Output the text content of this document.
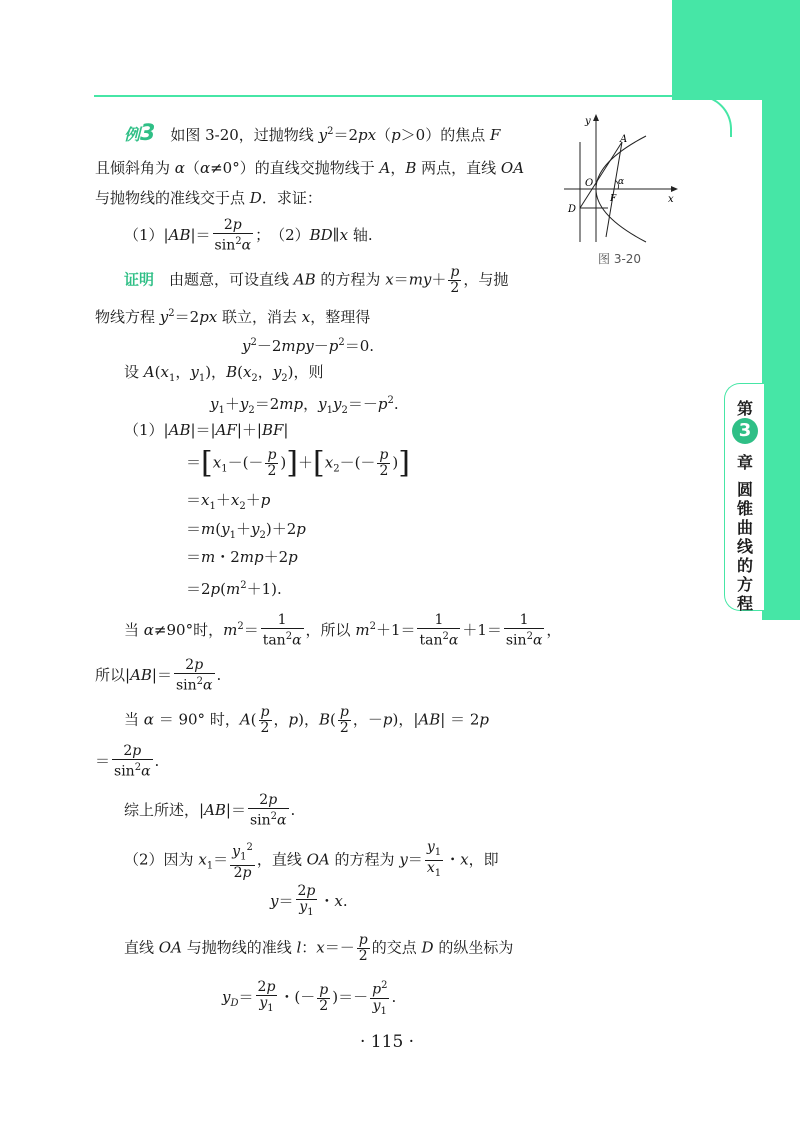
第
3
章
圆锥曲线的方程
例3　如图 3-20，过抛物线 $y^2=2px(p>0)$的焦点 F
且倾斜角为 α（α≠0°）的直线交抛物线于 A，B 两点，直线 OA
与抛物线的准线交于点 D．求证：
$(1)|AB|= \frac{2p}{\sin^2\alpha}$ ；　（2）BD∥x 轴.
y
x
A
O
F
D
α
图 3-20
证明　由题意，可设直线 AB 的方程为 $x=my+ \frac{p}{2}$ ，与抛
物线方程 $y^2=2px$ 联立，消去 x，整理得
$y^2-2mpy-p^2=0$.
设 $A(x_1$，$y_1$)，$B(x_2$，$y_2$)，则
$y_1+y_2=2mp$，$y_1y_2=-p^2$.
（1）|AB|＝|AF|＋|BF|
$=[x_1-(- \frac{p}{2} )]+[x_2-(- \frac{p}{2}$ )]
$=x_1+x_2+p$
$=m(y_1+y_2)+2p$
＝m・2mp＋2p
$=2p(m^2+1)$.
当 α≠90°时，$m^2= \frac{1}{\tan^2\alpha}$ ，所以 $m^2+1= \frac{1}{\tan^2\alpha} +1= \frac{1}{\sin^2\alpha}$ ，
所以$|AB|= \frac{2p}{\sin^2\alpha}$ .
当 α ＝ 90° 时，$A( \frac{p}{2}$ ，p)，$B( \frac{p}{2}$ ，－p)，|AB| ＝ 2p
＝ $\frac{2p}{\sin^2\alpha}$ .
综上所述，$|AB|= \frac{2p}{\sin^2\alpha}$ .
（2）因为 $x_1= \frac{y_1^2}{2p}$ ，直线 OA 的方程为 $y= \frac{y_1}{x_1}$ ・x，即
$y= \frac{2p}{y_1}$ ・x.
直线 OA 与抛物线的准线 l：$x=- \frac{p}{2}$ 的交点 D 的纵坐标为
$y_D= \frac{2p}{y_1}$ ・(－ $\frac{p}{2}$ )＝－ $\frac{p^2}{y_1}$ .
· 115 ·
